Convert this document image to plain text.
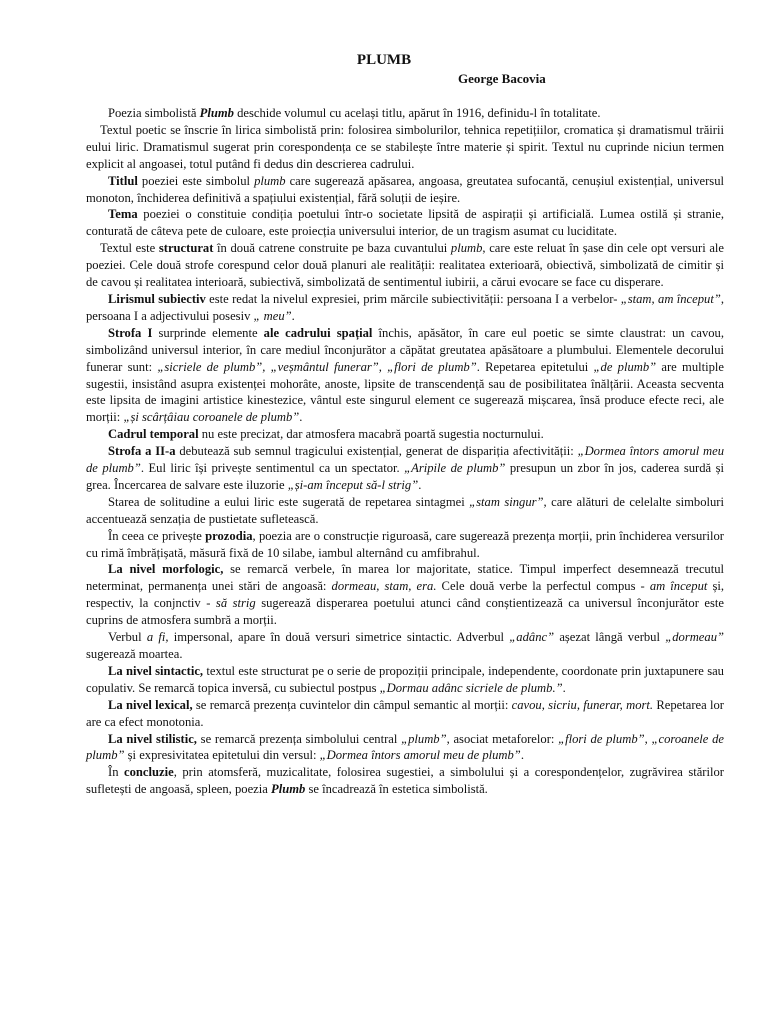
PLUMB
George Bacovia

Poezia simbolistă Plumb deschide volumul cu același titlu, apărut în 1916, definidu-l în totalitate.

Textul poetic se înscrie în lirica simbolistă prin: folosirea simbolurilor, tehnica repetițiilor, cromatica și dramatismul trăirii eului liric. Dramatismul sugerat prin corespondența ce se stabilește între materie și spirit. Textul nu cuprinde niciun termen explicit al angoasei, totul putând fi dedus din descrierea cadrului.

Titlul poeziei este simbolul plumb care sugerează apăsarea, angoasa, greutatea sufocantă, cenușiul existențial, universul monoton, închiderea definitivă a spațiului existențial, fără soluții de ieșire.

Tema poeziei o constituie condiția poetului într-o societate lipsită de aspirații și artificială. Lumea ostilă și stranie, conturată de câteva pete de culoare, este proiecția universului interior, de un tragism asumat cu luciditate.

Textul este structurat în două catrene construite pe baza cuvantului plumb, care este reluat în șase din cele opt versuri ale poeziei. Cele două strofe corespund celor două planuri ale realității: realitatea exterioară, obiectivă, simbolizată de cimitir și de cavou și realitatea interioară, subiectivă, simbolizată de sentimentul iubirii, a cărui evocare se face cu disperare.

Lirismul subiectiv este redat la nivelul expresiei, prim mărcile subiectivității: persoana I a verbelor- „stam, am început”, persoana I a adjectivului posesiv „ meu”.

Strofa I surprinde elemente ale cadrului spațial închis, apăsător, în care eul poetic se simte claustrat: un cavou, simbolizând universul interior, în care mediul înconjurător a căpătat greutatea apăsătoare a plumbului. Elementele decorului funerar sunt: „sicriele de plumb”, „veșmântul funerar”, „flori de plumb”. Repetarea epitetului „de plumb” are multiple sugestii, insistând asupra existenței mohorâte, anoste, lipsite de transcendență sau de posibilitatea înălțării. Aceasta secventa este lipsita de imagini artistice kinestezice, vântul este singurul element ce sugerează mișcarea, însă produce efecte reci, ale morții: „și scârțâiau coroanele de plumb”.

Cadrul temporal nu este precizat, dar atmosfera macabră poartă sugestia nocturnului.

Strofa a II-a debutează sub semnul tragicului existențial, generat de dispariția afectivității: „Dormea întors amorul meu de plumb”. Eul liric își privește sentimentul ca un spectator. „Aripile de plumb” presupun un zbor în jos, caderea surdă și grea. Încercarea de salvare este iluzorie „și-am început să-l strig”.

Starea de solitudine a eului liric este sugerată de repetarea sintagmei „stam singur”, care alături de celelalte simboluri accentuează senzația de pustietate sufletească.

În ceea ce privește prozodia, poezia are o construcție riguroasă, care sugerează prezența morții, prin închiderea versurilor cu rimă îmbrățișată, măsură fixă de 10 silabe, iambul alternând cu amfibrahul.

La nivel morfologic, se remarcă verbele, în marea lor majoritate, statice. Timpul imperfect desemnează trecutul neterminat, permanența unei stări de angoasă: dormeau, stam, era. Cele două verbe la perfectul compus - am început și, respectiv, la conjnctiv - să strig sugerează disperarea poetului atunci când conștientizează ca universul înconjurător este cuprins de atmosfera sumbră a morții.

Verbul a fi, impersonal, apare în două versuri simetrice sintactic. Adverbul „adânc” așezat lângă verbul „dormeau” sugerează moartea.

La nivel sintactic, textul este structurat pe o serie de propoziții principale, independente, coordonate prin juxtapunere sau copulativ. Se remarcă topica inversă, cu subiectul postpus „Dormau adânc sicriele de plumb.”.

La nivel lexical, se remarcă prezența cuvintelor din câmpul semantic al morții: cavou, sicriu, funerar, mort. Repetarea lor are ca efect monotonia.

La nivel stilistic, se remarcă prezența simbolului central „plumb”, asociat metaforelor: „flori de plumb”, „coroanele de plumb” și expresivitatea epitetului din versul: „Dormea întors amorul meu de plumb”.

În concluzie, prin atomsferă, muzicalitate, folosirea sugestiei, a simbolului și a corespondențelor, zugrăvirea stărilor sufletești de angoasă, spleen, poezia Plumb se încadrează în estetica simbolistă.
